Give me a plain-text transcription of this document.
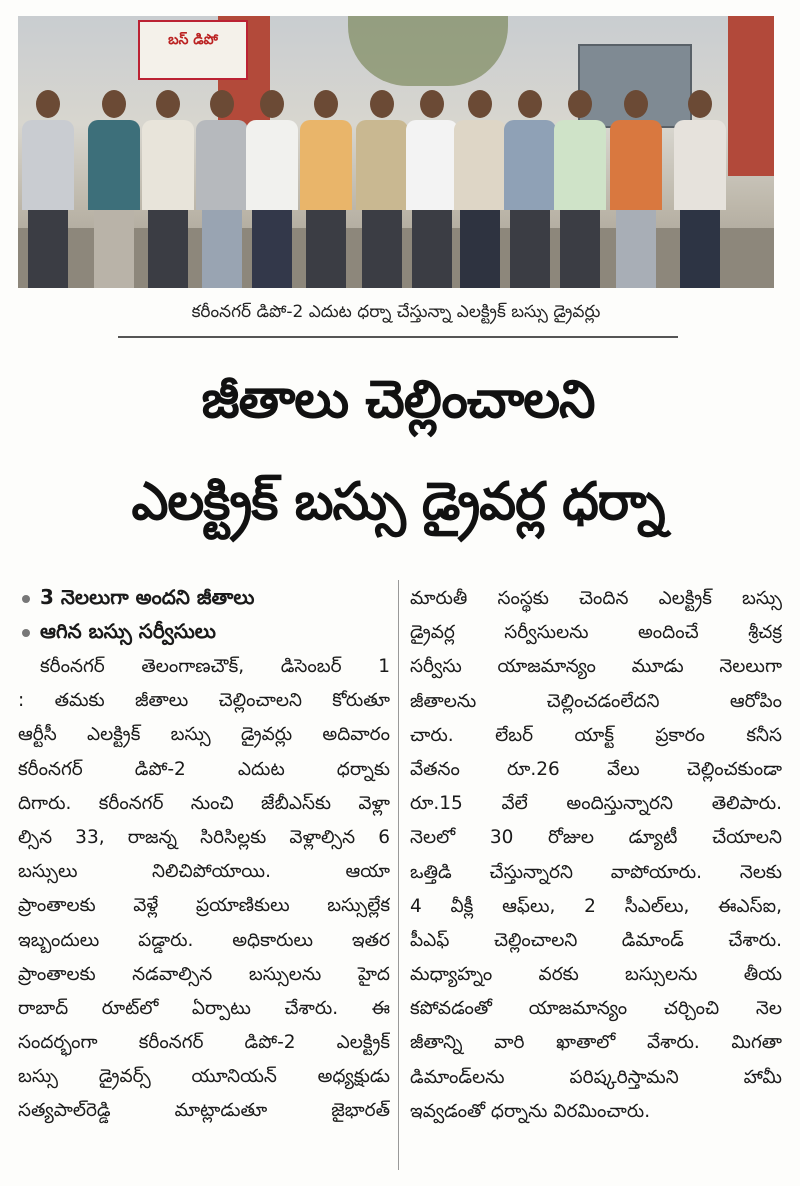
బస్ డిపో
కరీంనగర్ డిపో-2 ఎదుట ధర్నా చేస్తున్నా ఎలక్ట్రిక్ బస్సు డ్రైవర్లు
జీతాలు చెల్లించాలని
ఎలక్ట్రిక్ బస్సు డ్రైవర్ల ధర్నా
3 నెలలుగా అందని జీతాలు
ఆగిన బస్సు సర్వీసులు
కరీంనగర్ తెలంగాణచౌక్, డిసెంబర్ 1
: తమకు జీతాలు చెల్లించాలని కోరుతూ
ఆర్టీసీ ఎలక్ట్రిక్ బస్సు డ్రైవర్లు అదివారం
కరీంనగర్ డిపో-2 ఎదుట ధర్నాకు
దిగారు. కరీంనగర్ నుంచి జేబీఎస్‌కు వెళ్లా
ల్సిన 33, రాజన్న సిరిసిల్లకు వెళ్లాల్సిన 6
బస్సులు నిలిచిపోయాయి. ఆయా
ప్రాంతాలకు వెళ్లే ప్రయాణికులు బస్సుల్లేక
ఇబ్బందులు పడ్డారు. అధికారులు ఇతర
ప్రాంతాలకు నడవాల్సిన బస్సులను హైద
రాబాద్ రూట్‌లో ఏర్పాటు చేశారు. ఈ
సందర్భంగా కరీంనగర్ డిపో-2 ఎలక్ట్రిక్
బస్సు డ్రైవర్స్ యూనియన్ అధ్యక్షుడు
సత్యపాల్‌రెడ్డి మాట్లాడుతూ జైభారత్
మారుతీ సంస్థకు చెందిన ఎలక్ట్రిక్ బస్సు
డ్రైవర్ల సర్వీసులను అందించే శ్రీచక్ర
సర్వీసు యాజమాన్యం మూడు నెలలుగా
జీతాలను చెల్లించడంలేదని ఆరోపిం
చారు. లేబర్ యాక్ట్ ప్రకారం కనీస
వేతనం రూ.26 వేలు చెల్లించకుండా
రూ.15 వేలే అందిస్తున్నారని తెలిపారు.
నెలలో 30 రోజుల డ్యూటీ చేయాలని
ఒత్తిడి చేస్తున్నారని వాపోయారు. నెలకు
4 వీక్లీ ఆఫ్‌లు, 2 సీఎల్‌లు, ఈఎస్ఐ,
పీఎఫ్ చెల్లించాలని డిమాండ్ చేశారు.
మధ్యాహ్నం వరకు బస్సులను తీయ
కపోవడంతో యాజమాన్యం చర్చించి నెల
జీతాన్ని వారి ఖాతాలో వేశారు. మిగతా
డిమాండ్‌లను పరిష్కరిస్తామని హామీ
ఇవ్వడంతో ధర్నాను విరమించారు.
